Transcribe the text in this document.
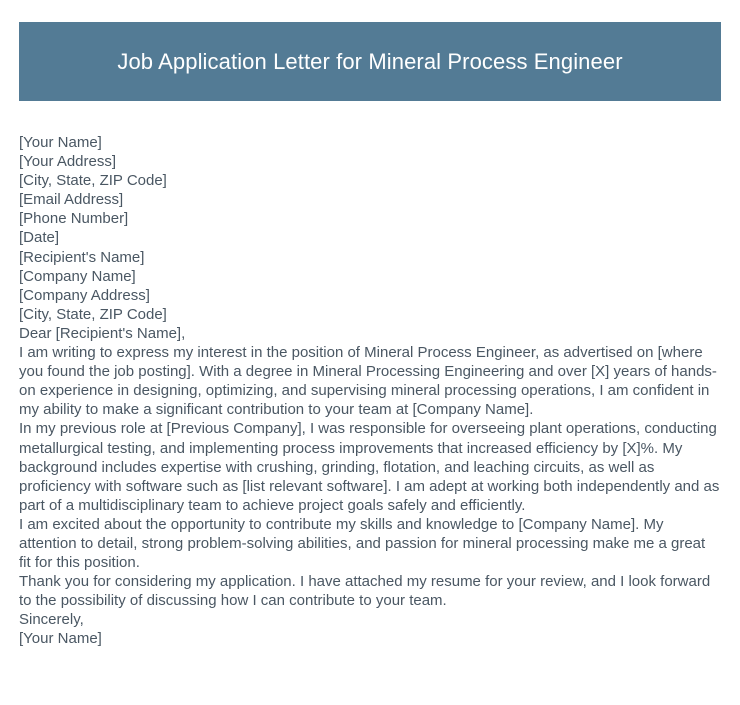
Job Application Letter for Mineral Process Engineer
[Your Name]
[Your Address]
[City, State, ZIP Code]
[Email Address]
[Phone Number]
[Date]
[Recipient's Name]
[Company Name]
[Company Address]
[City, State, ZIP Code]
Dear [Recipient's Name],

I am writing to express my interest in the position of Mineral Process Engineer, as advertised on [where you found the job posting]. With a degree in Mineral Processing Engineering and over [X] years of hands-on experience in designing, optimizing, and supervising mineral processing operations, I am confident in my ability to make a significant contribution to your team at [Company Name].

In my previous role at [Previous Company], I was responsible for overseeing plant operations, conducting metallurgical testing, and implementing process improvements that increased efficiency by [X]%. My background includes expertise with crushing, grinding, flotation, and leaching circuits, as well as proficiency with software such as [list relevant software]. I am adept at working both independently and as part of a multidisciplinary team to achieve project goals safely and efficiently.

I am excited about the opportunity to contribute my skills and knowledge to [Company Name]. My attention to detail, strong problem-solving abilities, and passion for mineral processing make me a great fit for this position.

Thank you for considering my application. I have attached my resume for your review, and I look forward to the possibility of discussing how I can contribute to your team.

Sincerely,
[Your Name]
